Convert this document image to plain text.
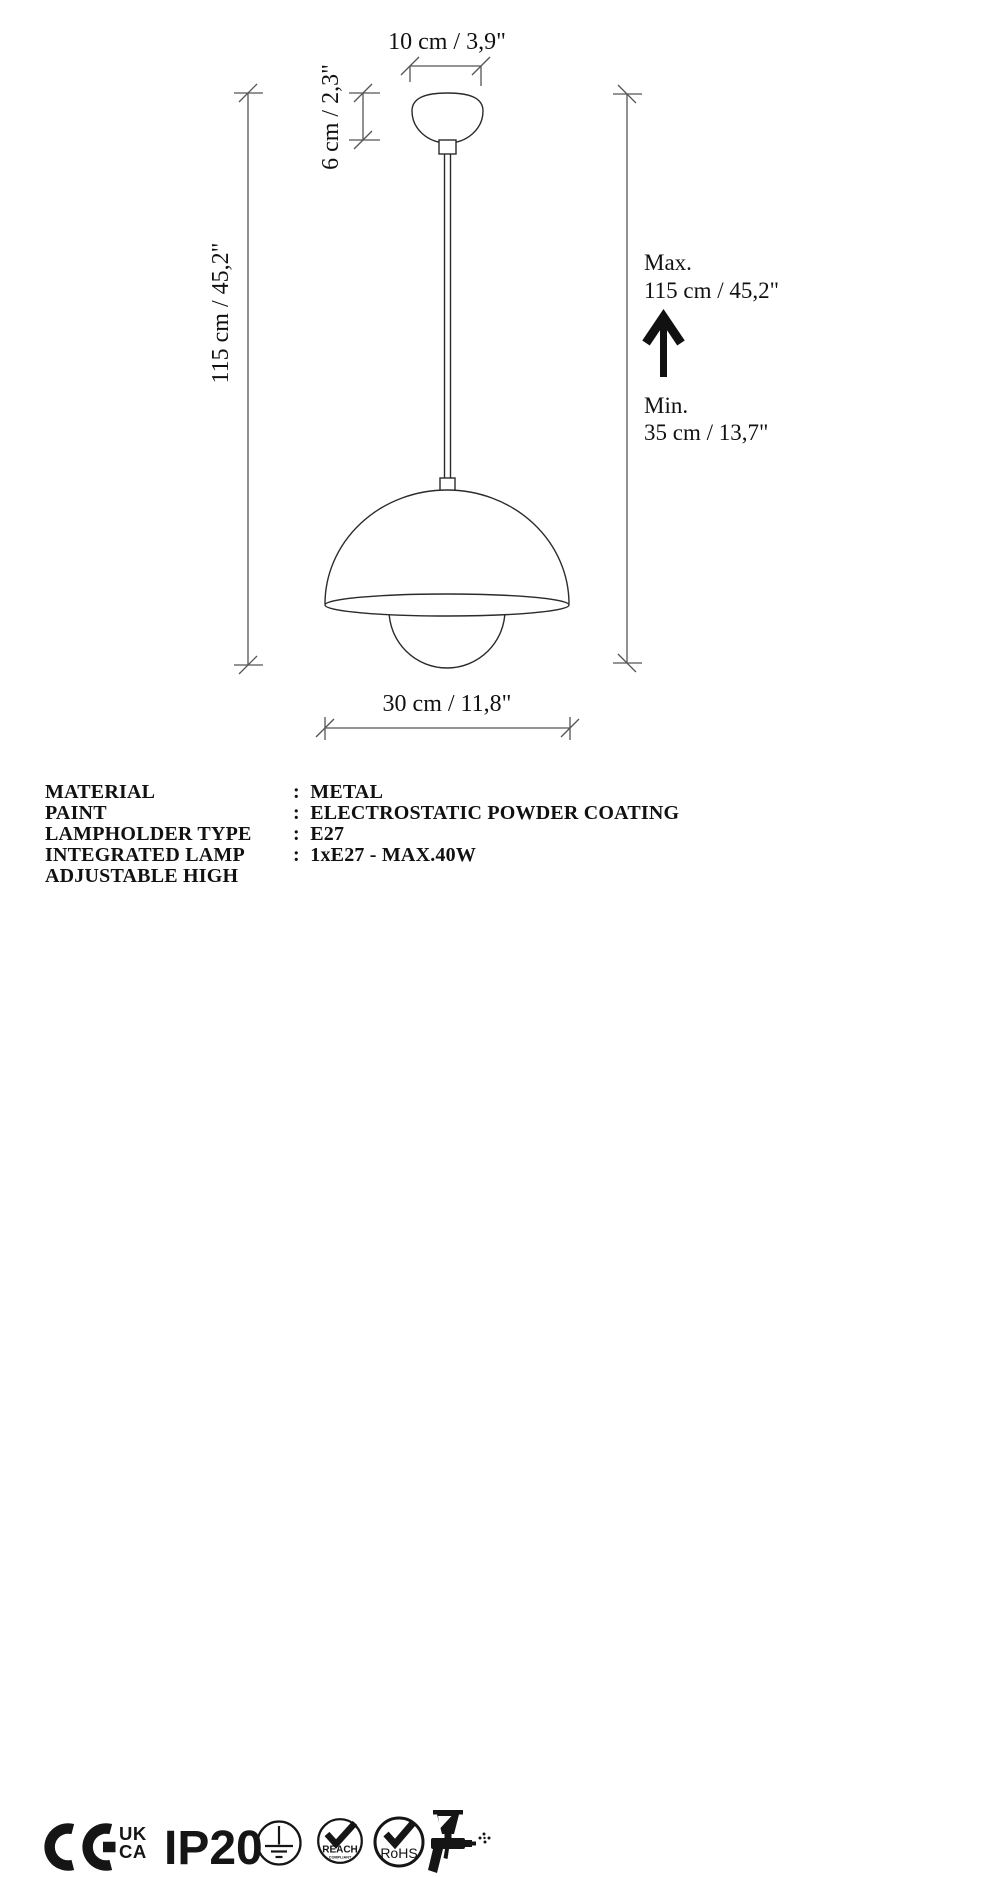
10 cm / 3,9"
6 cm / 2,3"
115 cm / 45,2"	Max.
115 cm / 45,2"
Min.
35 cm / 13,7"
30 cm / 11,8"
MATERIAL	:  METAL
PAINT	:  ELECTROSTATIC POWDER COATING
LAMPHOLDER TYPE	:  E27
INTEGRATED LAMP	:  1xE27 - MAX.40W
ADJUSTABLE HIGH
UK
CA IP20	REACH
COMPLIANT RoHS
